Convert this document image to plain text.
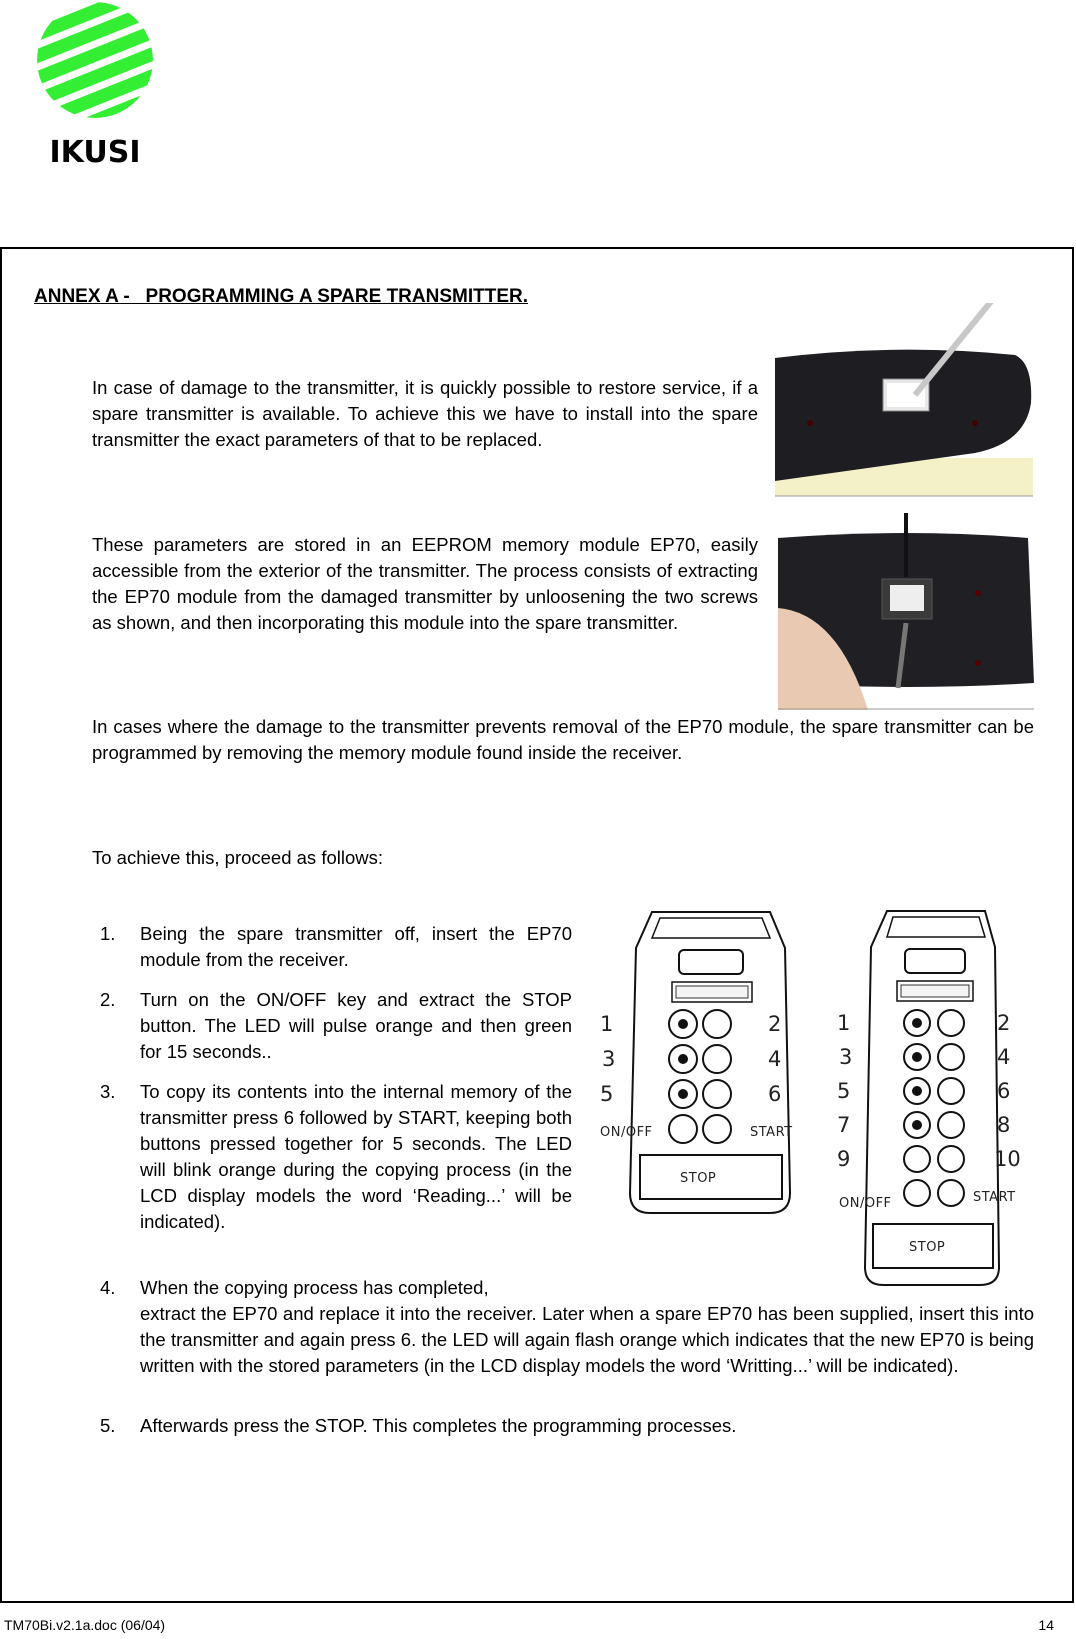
IKUSI
ANNEX A -   PROGRAMMING A SPARE TRANSMITTER.
In case of damage to the transmitter, it is quickly possible to restore service, if a spare transmitter is available. To achieve this we have to install into the spare transmitter the exact parameters of that to be replaced.
These parameters are stored in an EEPROM memory module EP70, easily accessible from the exterior of the transmitter. The process consists of extracting the EP70 module from the damaged transmitter by unloosening the two screws as shown, and then incorporating this module into the spare transmitter.
In cases where the damage to the transmitter prevents removal of the EP70 module, the spare transmitter can be programmed by removing the memory module found inside the receiver.
To achieve this, proceed as follows:
1.	Being the spare transmitter off, insert the EP70 module from the receiver.
2.	Turn on the ON/OFF key and extract the STOP button. The LED will pulse orange and then green for 15 seconds..
3.	To copy its contents into the internal memory of the transmitter press 6 followed by START, keeping both buttons pressed together for 5 seconds. The LED will blink orange during the copying process (in the LCD display models the word ‘Reading...’ will be indicated).
4.	When the copying process has completed,
extract the EP70 and replace it into the receiver. Later when a spare EP70 has been supplied, insert this into the transmitter and again press 6. the LED will again flash orange which indicates that the new EP70 is being written with the stored parameters (in the LCD display models the word ‘Writting...’ will be indicated).
5.	Afterwards press the STOP. This completes the programming processes.
1
3
5
2
4
6
ON/OFF	START
STOP
1
3
5
7
9
2
4
6
8
10
ON/OFF	START
STOP
TM70Bi.v2.1a.doc (06/04)	14
